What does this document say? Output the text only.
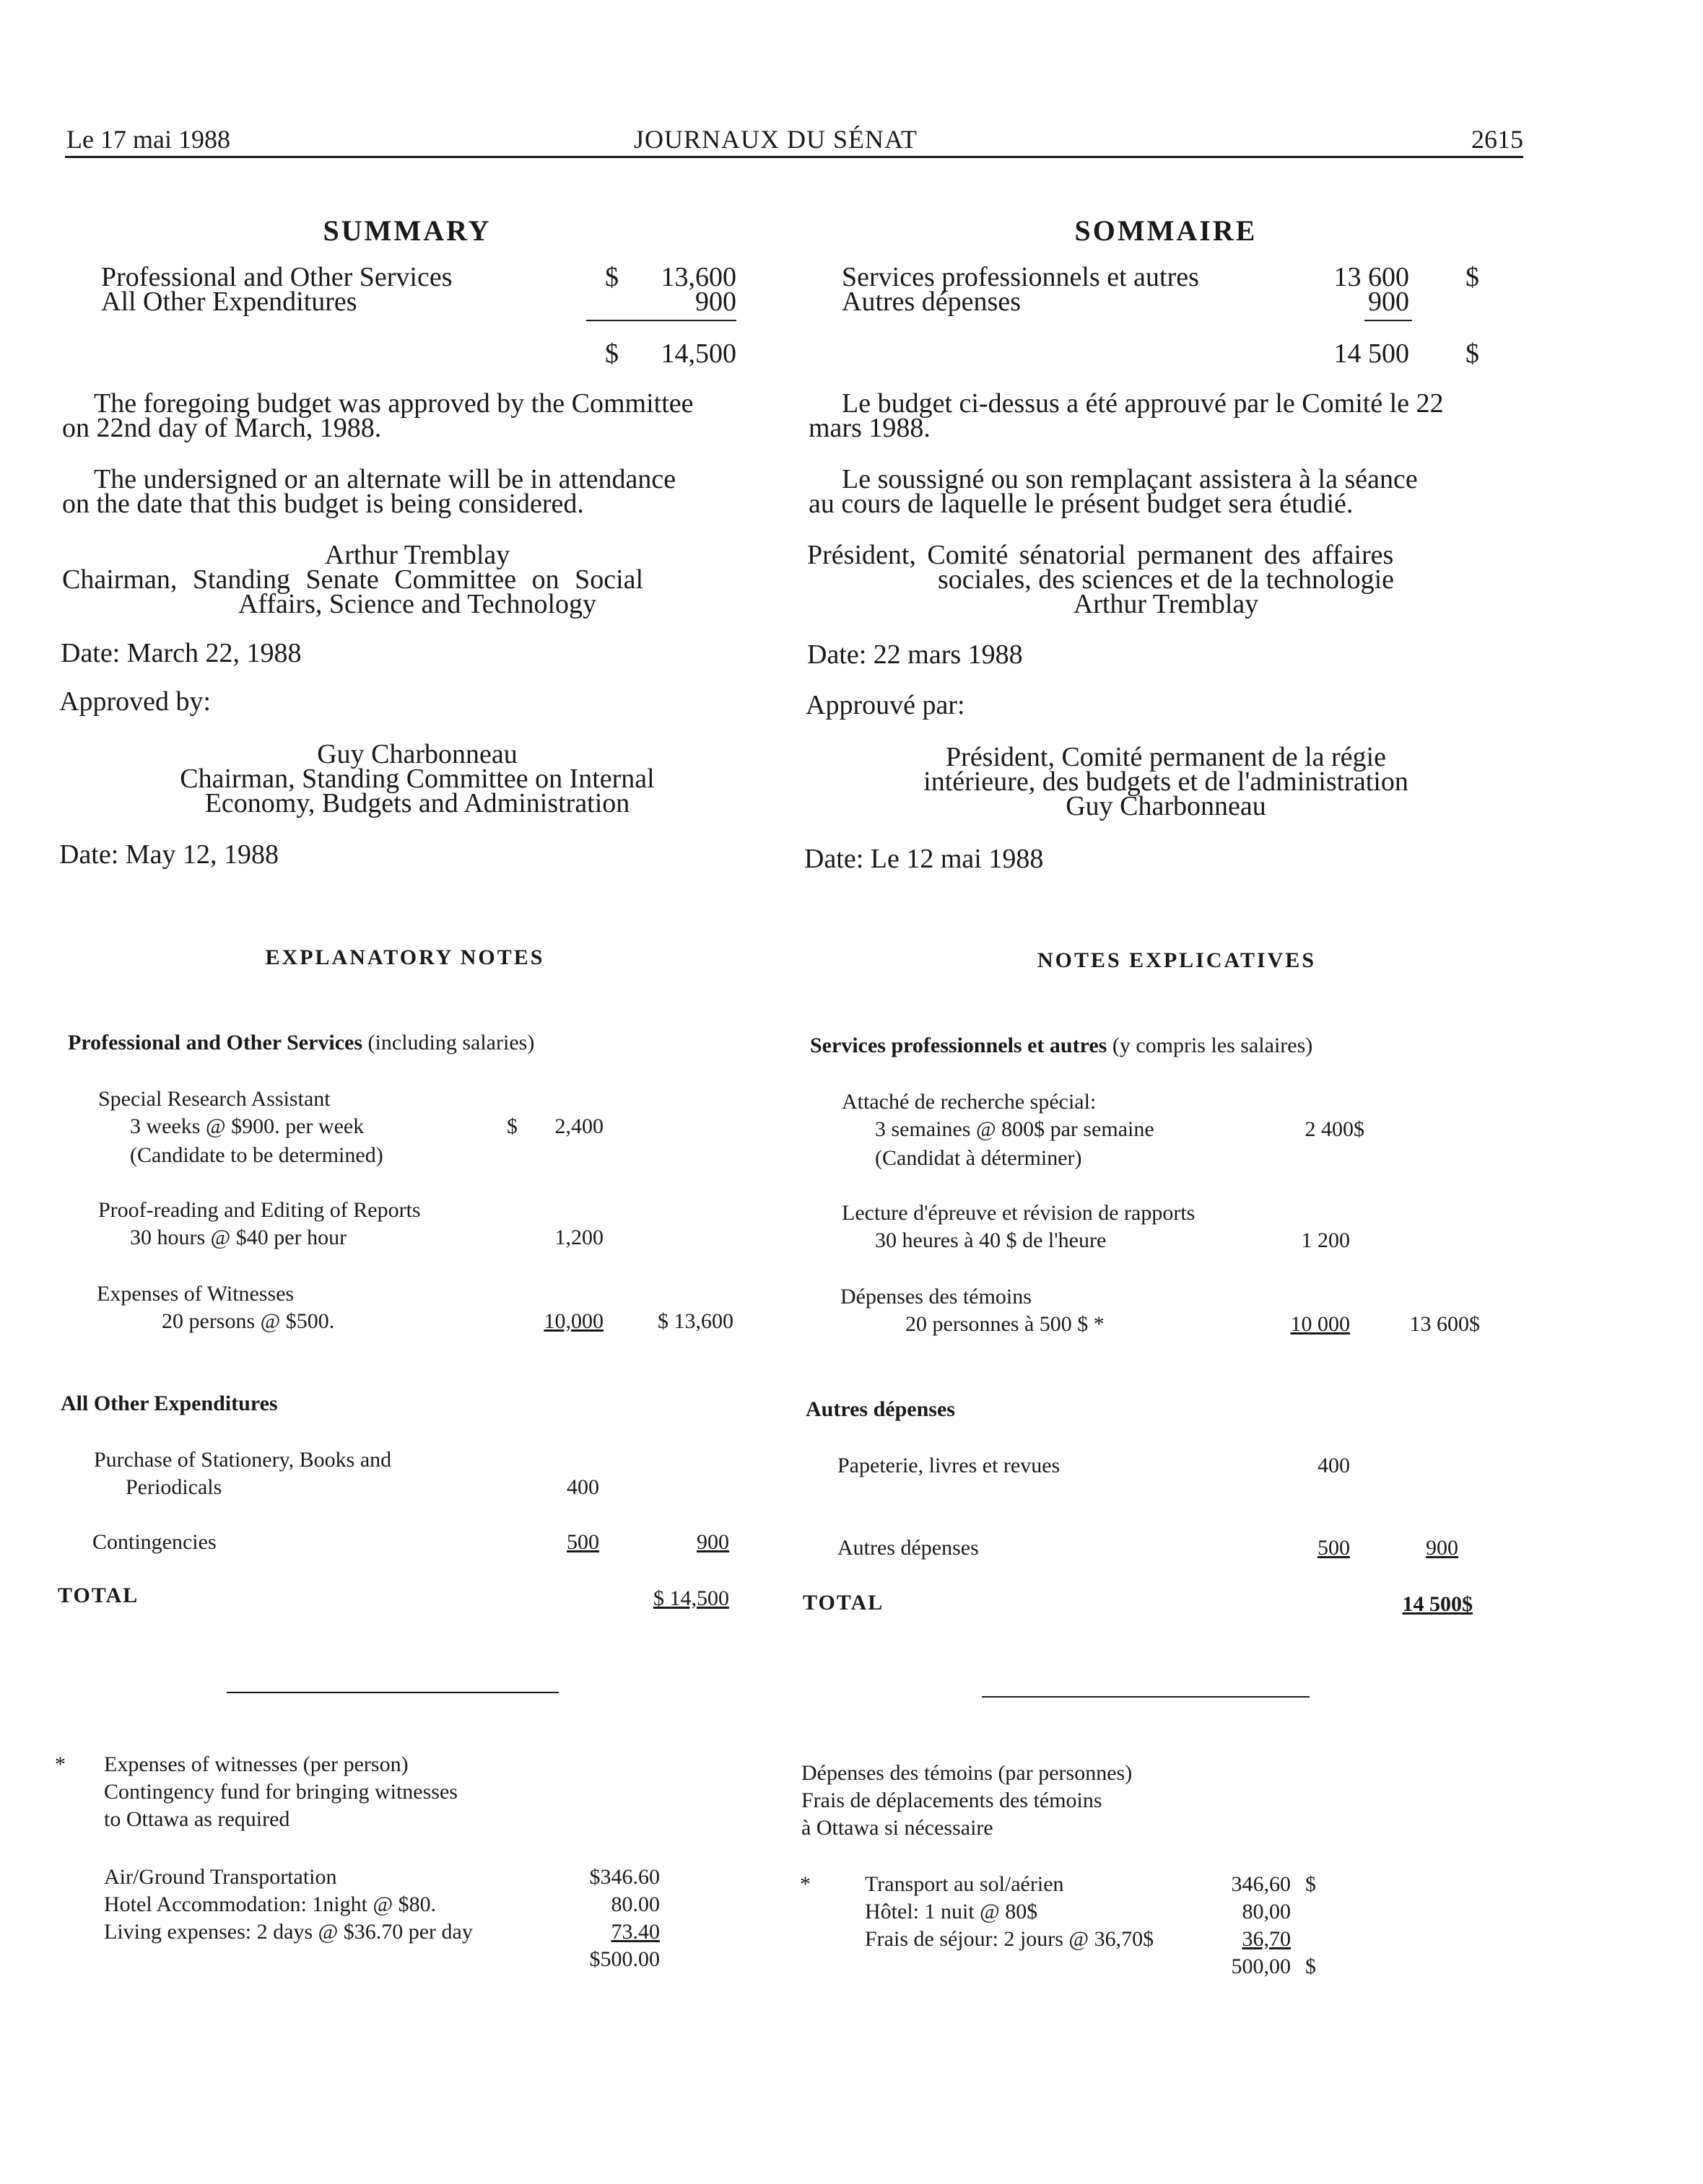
Le 17 mai 1988	JOURNAUX DU SÉNAT	2615
SUMMARY
Professional and Other Services	$	13,600
All Other Expenditures	900
$	14,500
The foregoing budget was approved by the Committee
on 22nd day of March, 1988.
The undersigned or an alternate will be in attendance
on the date that this budget is being considered.
Arthur Tremblay
Chairman, Standing Senate Committee on Social
Affairs, Science and Technology
Date: March 22, 1988
Approved by:
Guy Charbonneau
Chairman, Standing Committee on Internal
Economy, Budgets and Administration
Date: May 12, 1988
EXPLANATORY NOTES
Professional and Other Services (including salaries)
Special Research Assistant
3 weeks @ $900. per week	$	2,400
(Candidate to be determined)
Proof-reading and Editing of Reports
30 hours @ $40 per hour	1,200
Expenses of Witnesses
20 persons @ $500.	10,000	$ 13,600
All Other Expenditures
Purchase of Stationery, Books and
Periodicals	400
Contingencies	500	900
TOTAL	$ 14,500
* Expenses of witnesses (per person)
Contingency fund for bringing witnesses
to Ottawa as required
Air/Ground Transportation	$346.60
Hotel Accommodation: 1night @ $80.	80.00
Living expenses: 2 days @ $36.70 per day	73.40
$500.00
SOMMAIRE
Services professionnels et autres	13 600 $
Autres dépenses	900
14 500 $
Le budget ci-dessus a été approuvé par le Comité le 22
mars 1988.
Le soussigné ou son remplaçant assistera à la séance
au cours de laquelle le présent budget sera étudié.
Président, Comité sénatorial permanent des affaires
sociales, des sciences et de la technologie
Arthur Tremblay
Date: 22 mars 1988
Approuvé par:
Président, Comité permanent de la régie
intérieure, des budgets et de l'administration
Guy Charbonneau
Date: Le 12 mai 1988
NOTES EXPLICATIVES
Services professionnels et autres (y compris les salaires)
Attaché de recherche spécial:
3 semaines @ 800$ par semaine	2 400$
(Candidat à déterminer)
Lecture d'épreuve et révision de rapports
30 heures à 40 $ de l'heure	1 200
Dépenses des témoins
20 personnes à 500 $ *	10 000	13 600$
Autres dépenses
Papeterie, livres et revues	400
Autres dépenses	500	900
TOTAL	14 500$
Dépenses des témoins (par personnes)
Frais de déplacements des témoins
à Ottawa si nécessaire
*	Transport au sol/aérien	346,60 $
Hôtel: 1 nuit @ 80$	80,00
Frais de séjour: 2 jours @ 36,70$	36,70
500,00 $
